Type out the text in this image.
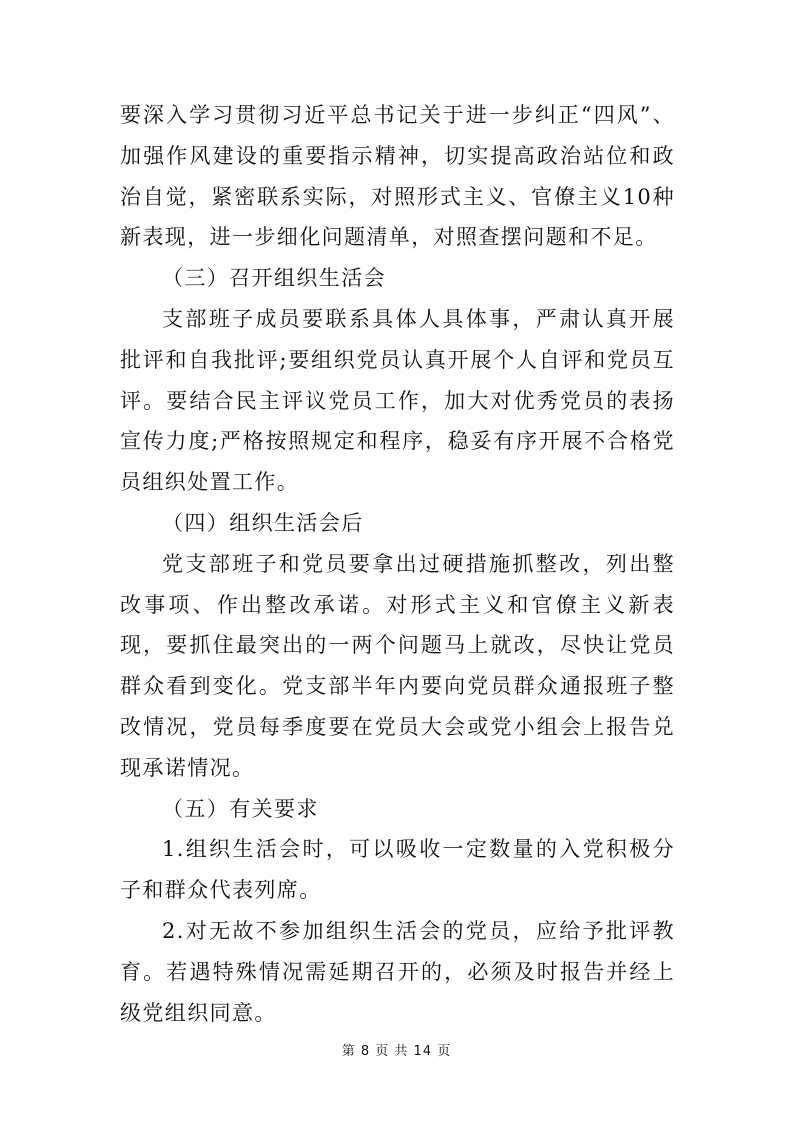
要深入学习贯彻习近平总书记关于进一步纠正“四风”、加强作风建设的重要指示精神，切实提高政治站位和政治自觉，紧密联系实际，对照形式主义、官僚主义10种新表现，进一步细化问题清单，对照查摆问题和不足。

（三）召开组织生活会

支部班子成员要联系具体人具体事，严肃认真开展批评和自我批评;要组织党员认真开展个人自评和党员互评。要结合民主评议党员工作，加大对优秀党员的表扬宣传力度;严格按照规定和程序，稳妥有序开展不合格党员组织处置工作。

（四）组织生活会后

党支部班子和党员要拿出过硬措施抓整改，列出整改事项、作出整改承诺。对形式主义和官僚主义新表现，要抓住最突出的一两个问题马上就改，尽快让党员群众看到变化。党支部半年内要向党员群众通报班子整改情况，党员每季度要在党员大会或党小组会上报告兑现承诺情况。

（五）有关要求

1.组织生活会时，可以吸收一定数量的入党积极分子和群众代表列席。

2.对无故不参加组织生活会的党员，应给予批评教育。若遇特殊情况需延期召开的，必须及时报告并经上级党组织同意。

第 8 页 共 14 页
